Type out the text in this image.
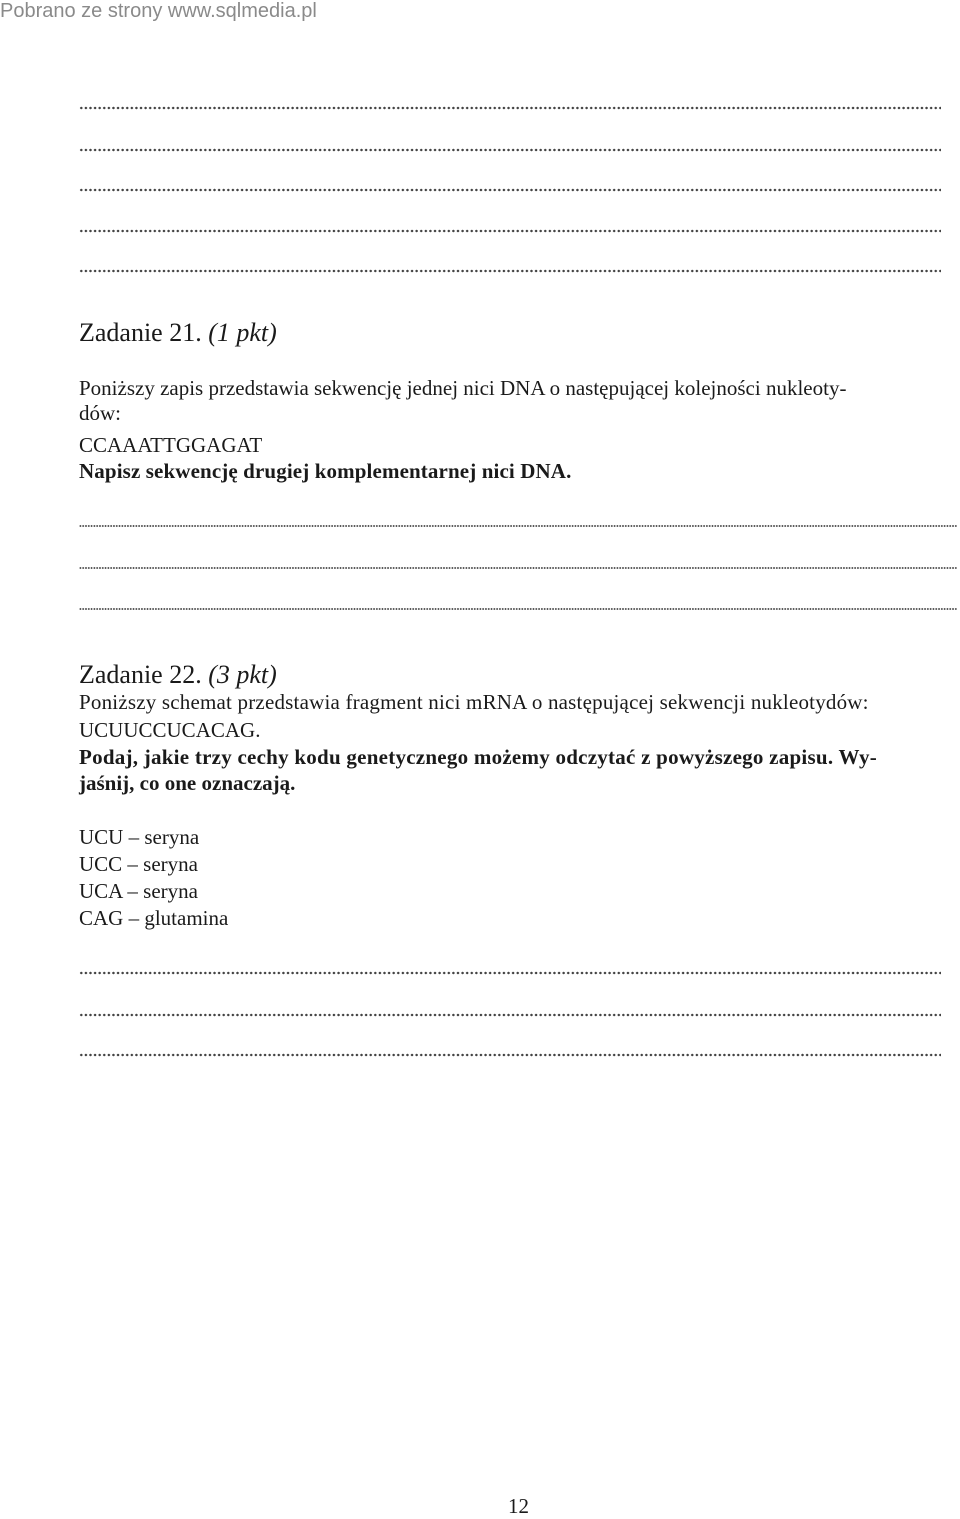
Pobrano ze strony www.sqlmedia.pl
Zadanie 21. (1 pkt)
Poniższy zapis przedstawia sekwencję jednej nici DNA o następującej kolejności nukleoty-
dów:
CCAAATTGGAGAT
Napisz sekwencję drugiej komplementarnej nici DNA.
Zadanie 22. (3 pkt)
Poniższy schemat przedstawia fragment nici mRNA o następującej sekwencji nukleotydów:
UCUUCCUCACAG.
Podaj, jakie trzy cechy kodu genetycznego możemy odczytać z powyższego zapisu. Wy-
jaśnij, co one oznaczają.
UCU – seryna
UCC – seryna
UCA – seryna
CAG – glutamina
12
